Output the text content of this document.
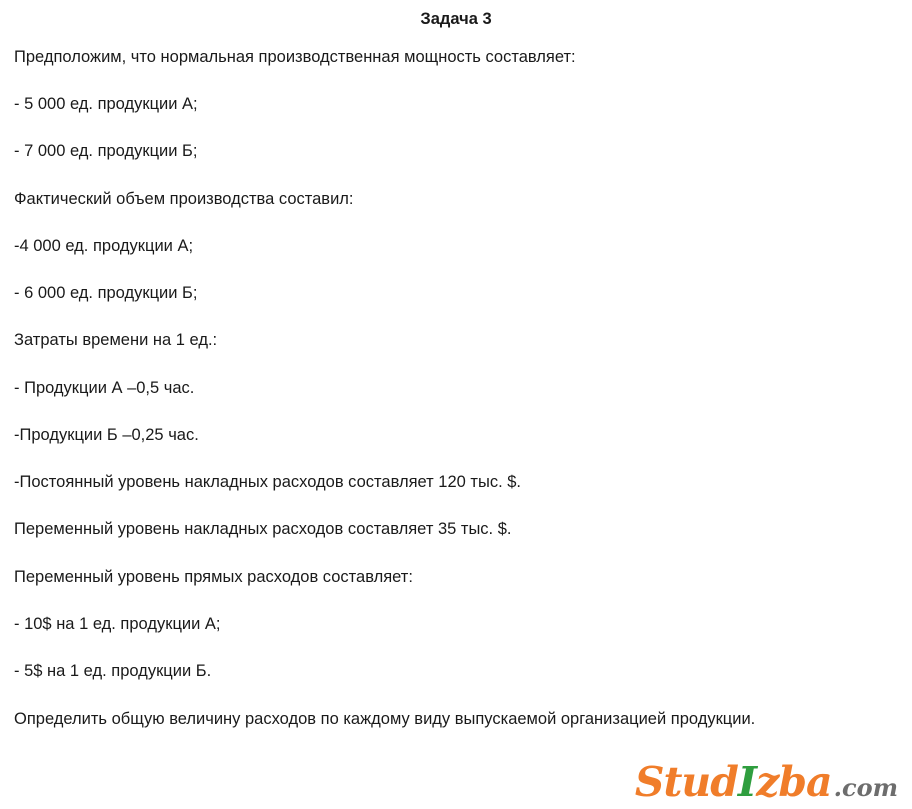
Задача 3

Предположим, что нормальная производственная мощность составляет:

- 5 000 ед. продукции А;

- 7 000 ед. продукции Б;

Фактический объем производства составил:

-4 000 ед. продукции А;

- 6 000 ед. продукции Б;

Затраты времени на 1 ед.:

- Продукции А –0,5 час.

-Продукции Б –0,25 час.

-Постоянный уровень накладных расходов составляет 120 тыс. $.

Переменный уровень накладных расходов составляет 35 тыс. $.

Переменный уровень прямых расходов составляет:

- 10$ на 1 ед. продукции А;

- 5$ на 1 ед. продукции Б.

Определить общую величину расходов по каждому виду выпускаемой организацией продукции.

Stud I zba .com
